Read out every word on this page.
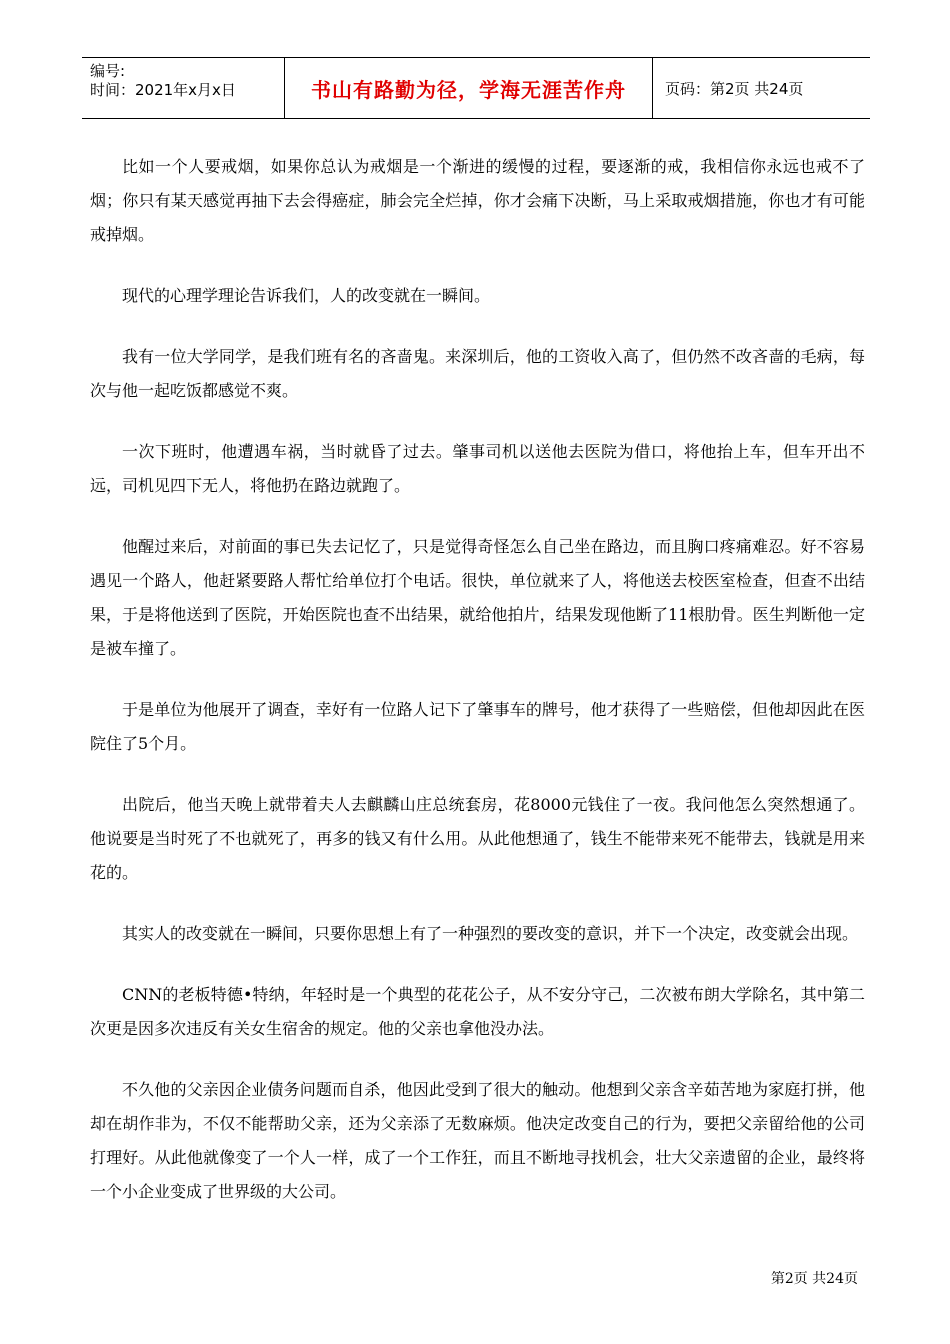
编号:
时间：2021年x月x日	书山有路勤为径，学海无涯苦作舟	页码：第2页 共24页

比如一个人要戒烟，如果你总认为戒烟是一个渐进的缓慢的过程，要逐渐的戒，我相信你永远也戒不了烟；你只有某天感觉再抽下去会得癌症，肺会完全烂掉，你才会痛下决断，马上采取戒烟措施，你也才有可能戒掉烟。

现代的心理学理论告诉我们，人的改变就在一瞬间。

我有一位大学同学，是我们班有名的吝啬鬼。来深圳后，他的工资收入高了，但仍然不改吝啬的毛病，每次与他一起吃饭都感觉不爽。

一次下班时，他遭遇车祸，当时就昏了过去。肇事司机以送他去医院为借口，将他抬上车，但车开出不远，司机见四下无人，将他扔在路边就跑了。

他醒过来后，对前面的事已失去记忆了，只是觉得奇怪怎么自己坐在路边，而且胸口疼痛难忍。好不容易遇见一个路人，他赶紧要路人帮忙给单位打个电话。很快，单位就来了人，将他送去校医室检查，但查不出结果，于是将他送到了医院，开始医院也查不出结果，就给他拍片，结果发现他断了11根肋骨。医生判断他一定是被车撞了。

于是单位为他展开了调查，幸好有一位路人记下了肇事车的牌号，他才获得了一些赔偿，但他却因此在医院住了5个月。

出院后，他当天晚上就带着夫人去麒麟山庄总统套房，花8000元钱住了一夜。我问他怎么突然想通了。他说要是当时死了不也就死了，再多的钱又有什么用。从此他想通了，钱生不能带来死不能带去，钱就是用来花的。

其实人的改变就在一瞬间，只要你思想上有了一种强烈的要改变的意识，并下一个决定，改变就会出现。

CNN的老板特德•特纳，年轻时是一个典型的花花公子，从不安分守己，二次被布朗大学除名，其中第二次更是因多次违反有关女生宿舍的规定。他的父亲也拿他没办法。

不久他的父亲因企业债务问题而自杀，他因此受到了很大的触动。他想到父亲含辛茹苦地为家庭打拼，他却在胡作非为，不仅不能帮助父亲，还为父亲添了无数麻烦。他决定改变自己的行为，要把父亲留给他的公司打理好。从此他就像变了一个人一样，成了一个工作狂，而且不断地寻找机会，壮大父亲遗留的企业，最终将一个小企业变成了世界级的大公司。

第2页 共24页
